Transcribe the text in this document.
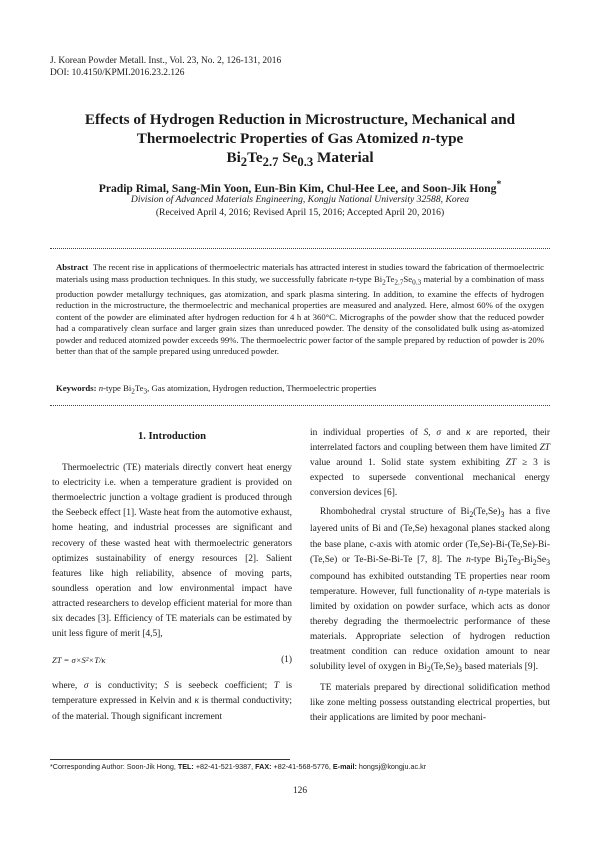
J. Korean Powder Metall. Inst., Vol. 23, No. 2, 126-131, 2016
DOI: 10.4150/KPMI.2016.23.2.126
Effects of Hydrogen Reduction in Microstructure, Mechanical and
Thermoelectric Properties of Gas Atomized n-type
$Bi_2Te_{2.7}$ $Se_{0.3}$ Material
Pradip Rimal, Sang-Min Yoon, Eun-Bin Kim, Chul-Hee Lee, and Soon-Jik Hong*
Division of Advanced Materials Engineering, Kongju National University 32588, Korea
(Received April 4, 2016; Revised April 15, 2016; Accepted April 20, 2016)
Abstract The recent rise in applications of thermoelectric materials has attracted interest in studies toward the fabrication of thermoelectric materials using mass production techniques. In this study, we successfully fabricate n-type $Bi_2Te_{2.7}Se_{0.3}$ material by a combination of mass production powder metallurgy techniques, gas atomization, and spark plasma sintering. In addition, to examine the effects of hydrogen reduction in the microstructure, the thermoelectric and mechanical properties are measured and analyzed. Here, almost 60% of the oxygen content of the powder are eliminated after hydrogen reduction for 4 h at 360°C. Micrographs of the powder show that the reduced powder had a comparatively clean surface and larger grain sizes than unreduced powder. The density of the consolidated bulk using as-atomized powder and reduced atomized powder exceeds 99%. The thermoelectric power factor of the sample prepared by reduction of powder is 20% better than that of the sample prepared using unreduced powder.
Keywords: n-type $Bi_2Te_3$, Gas atomization, Hydrogen reduction, Thermoelectric properties
1. Introduction

Thermoelectric (TE) materials directly convert heat energy to electricity i.e. when a temperature gradient is provided on thermoelectric junction a voltage gradient is produced through the Seebeck effect [1]. Waste heat from the automotive exhaust, home heating, and industrial processes are significant and recovery of these wasted heat with thermoelectric generators optimizes sustainability of energy resources [2]. Salient features like high reliability, absence of moving parts, soundless operation and low environmental impact have attracted researchers to develop efficient material for more than six decades [3]. Efficiency of TE materials can be estimated by unit less figure of merit [4,5],

ZT = σ×S²×T/κ	(1)

where, σ is conductivity; S is seebeck coefficient; T is temperature expressed in Kelvin and κ is thermal conductivity; of the material. Though significant increment

in individual properties of S, σ and κ are reported, their interrelated factors and coupling between them have limited ZT value around 1. Solid state system exhibiting ZT ≥ 3 is expected to supersede conventional mechanical energy conversion devices [6].

Rhombohedral crystal structure of $Bi_2(Te,Se)_3$ has a five layered units of Bi and (Te,Se) hexagonal planes stacked along the base plane, c-axis with atomic order (Te,Se)-Bi-(Te,Se)-Bi-(Te,Se) or Te-Bi-Se-Bi-Te [7, 8]. The n-type $Bi_2Te_3-Bi_2Se_3$ compound has exhibited outstanding TE properties near room temperature. However, full functionality of n-type materials is limited by oxidation on powder surface, which acts as donor thereby degrading the thermoelectric performance of these materials. Appropriate selection of hydrogen reduction treatment condition can reduce oxidation amount to near solubility level of oxygen in $Bi_2(Te,Se)_3$ based materials [9].

TE materials prepared by directional solidification method like zone melting possess outstanding electrical properties, but their applications are limited by poor mechani-

*Corresponding Author: Soon-Jik Hong, TEL: +82-41-521-9387, FAX: +82-41-568-5776, E-mail: hongsj@kongju.ac.kr
126
